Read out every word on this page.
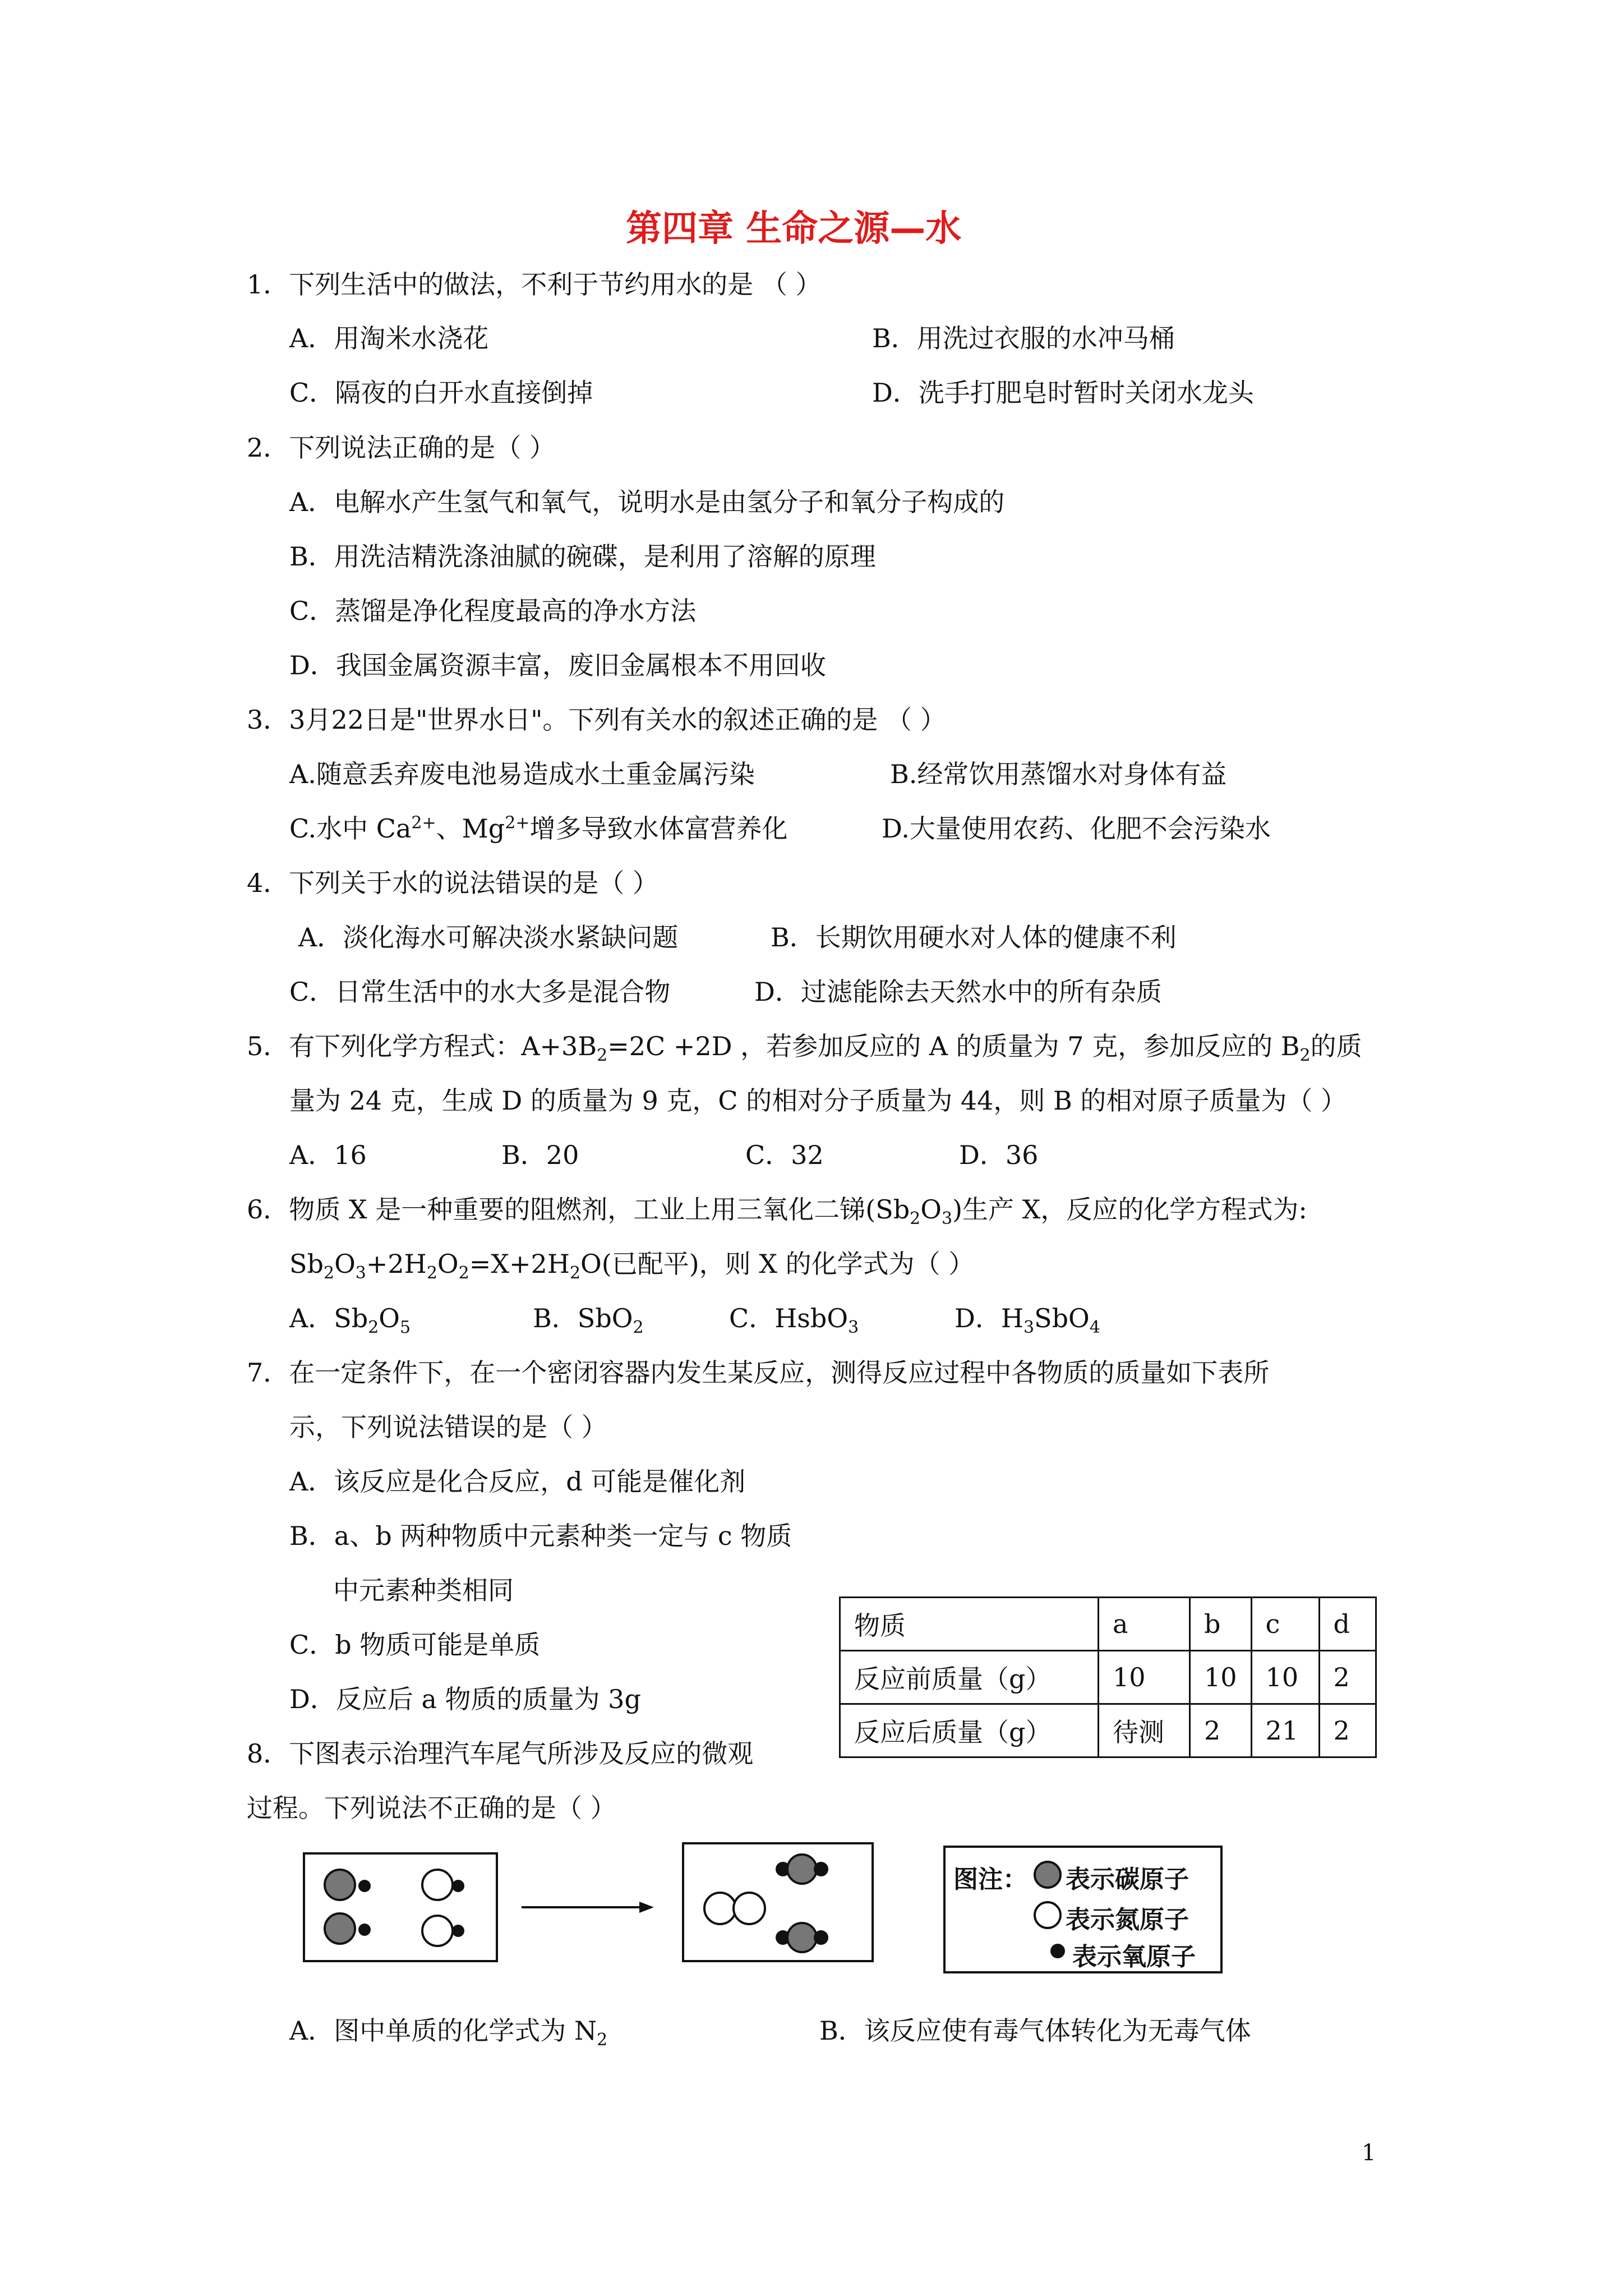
第四章 生命之源—水
1．下列生活中的做法，不利于节约用水的是 （ ）
A．用淘米水浇花	B．用洗过衣服的水冲马桶
C．隔夜的白开水直接倒掉	D．洗手打肥皂时暂时关闭水龙头
2．下列说法正确的是（ ）
A．电解水产生氢气和氧气，说明水是由氢分子和氧分子构成的
B．用洗洁精洗涤油腻的碗碟，是利用了溶解的原理
C．蒸馏是净化程度最高的净水方法
D．我国金属资源丰富，废旧金属根本不用回收
3．3月22日是"世界水日"。下列有关水的叙述正确的是 （ ）
A.随意丢弃废电池易造成水土重金属污染	B.经常饮用蒸馏水对身体有益
C.水中 $Ca^{2+}$、$Mg^{2+}$增多导致水体富营养化	D.大量使用农药、化肥不会污染水
4．下列关于水的说法错误的是（ ）
A．淡化海水可解决淡水紧缺问题	B．长期饮用硬水对人体的健康不利
C．日常生活中的水大多是混合物	D．过滤能除去天然水中的所有杂质
5．有下列化学方程式：$A+3B_2=2C +2D$ ，若参加反应的 A 的质量为 7 克，参加反应的 $B_2$的质
量为 24 克，生成 D 的质量为 9 克，C 的相对分子质量为 44，则 B 的相对原子质量为（ ）
A．16	B．20	C．32	D．36
6．物质 X 是一种重要的阻燃剂，工业上用三氧化二锑$(Sb_2O_3)$生产 X，反应的化学方程式为:
$Sb_2O_3+2H_2O_2=X+2H_2O$(已配平)，则 X 的化学式为（ ）
A．$Sb_2O_5$	B．SbO$_2$	C．HsbO$_3$	D．$H_3SbO_4$
7．在一定条件下，在一个密闭容器内发生某反应，测得反应过程中各物质的质量如下表所
示，下列说法错误的是（ ）
A．该反应是化合反应，d 可能是催化剂
B．a、b 两种物质中元素种类一定与 c 物质
中元素种类相同
C．b 物质可能是单质
D．反应后 a 物质的质量为 3g
物质	a	b	c	d
反应前质量（g）	10	10	10	2
反应后质量（g）	待测	2	21	2
8．下图表示治理汽车尾气所涉及反应的微观
过程。下列说法不正确的是（ ）
图注： 表示碳原子
表示氮原子
表示氧原子
A．图中单质的化学式为 $N_2$	B．该反应使有毒气体转化为无毒气体
1
